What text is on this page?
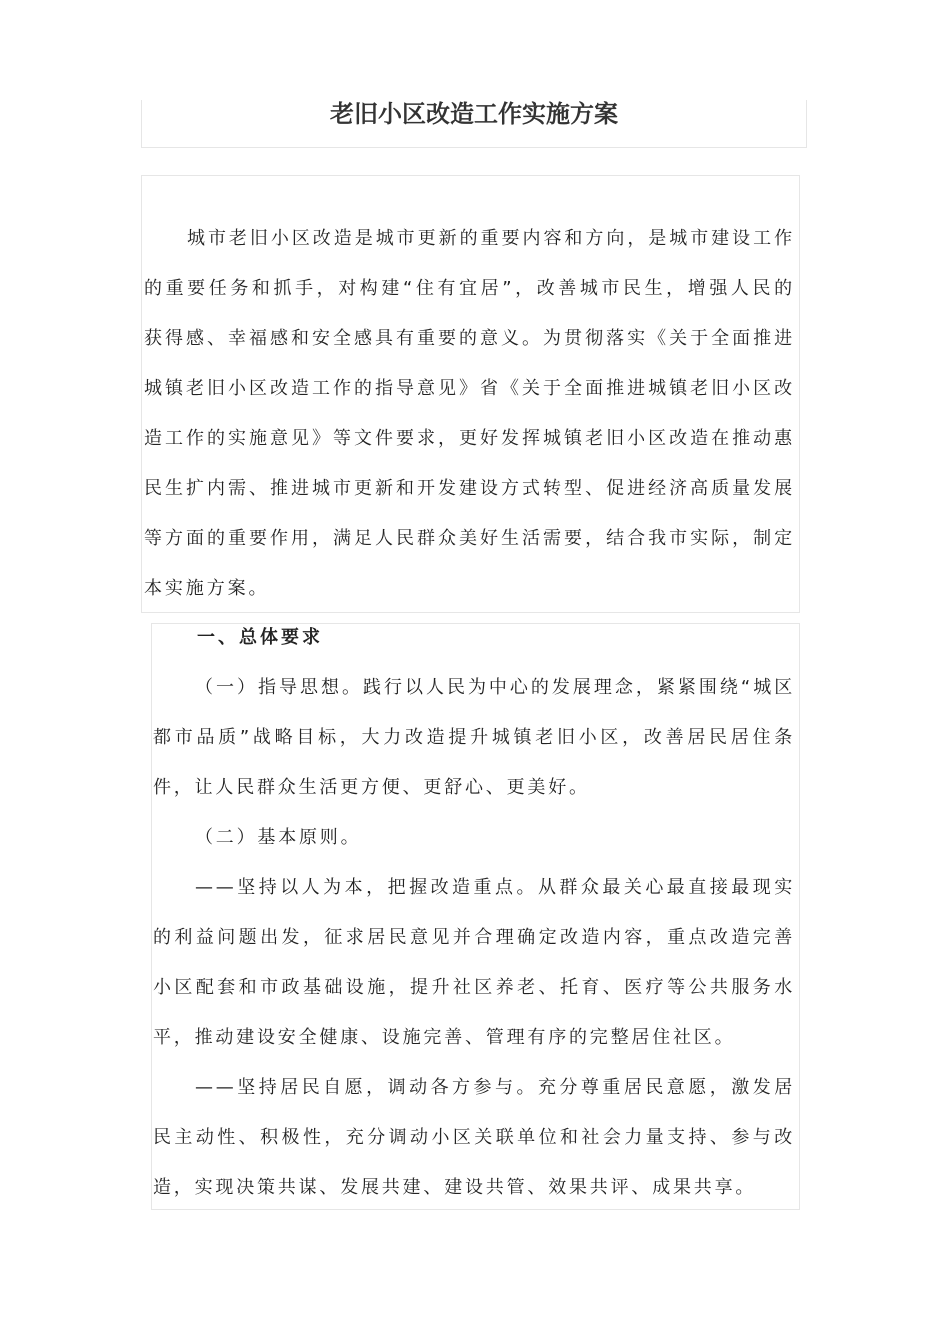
老旧小区改造工作实施方案

城市老旧小区改造是城市更新的重要内容和方向，是城市建设工作的重要任务和抓手，对构建“住有宜居”，改善城市民生，增强人民的获得感、幸福感和安全感具有重要的意义。为贯彻落实《关于全面推进城镇老旧小区改造工作的指导意见》省《关于全面推进城镇老旧小区改造工作的实施意见》等文件要求，更好发挥城镇老旧小区改造在推动惠民生扩内需、推进城市更新和开发建设方式转型、促进经济高质量发展等方面的重要作用，满足人民群众美好生活需要，结合我市实际，制定本实施方案。

一、总体要求

（一）指导思想。践行以人民为中心的发展理念，紧紧围绕“城区都市品质”战略目标，大力改造提升城镇老旧小区，改善居民居住条件，让人民群众生活更方便、更舒心、更美好。

（二）基本原则。

——坚持以人为本，把握改造重点。从群众最关心最直接最现实的利益问题出发，征求居民意见并合理确定改造内容，重点改造完善小区配套和市政基础设施，提升社区养老、托育、医疗等公共服务水平，推动建设安全健康、设施完善、管理有序的完整居住社区。

——坚持居民自愿，调动各方参与。充分尊重居民意愿，激发居民主动性、积极性，充分调动小区关联单位和社会力量支持、参与改造，实现决策共谋、发展共建、建设共管、效果共评、成果共享。
